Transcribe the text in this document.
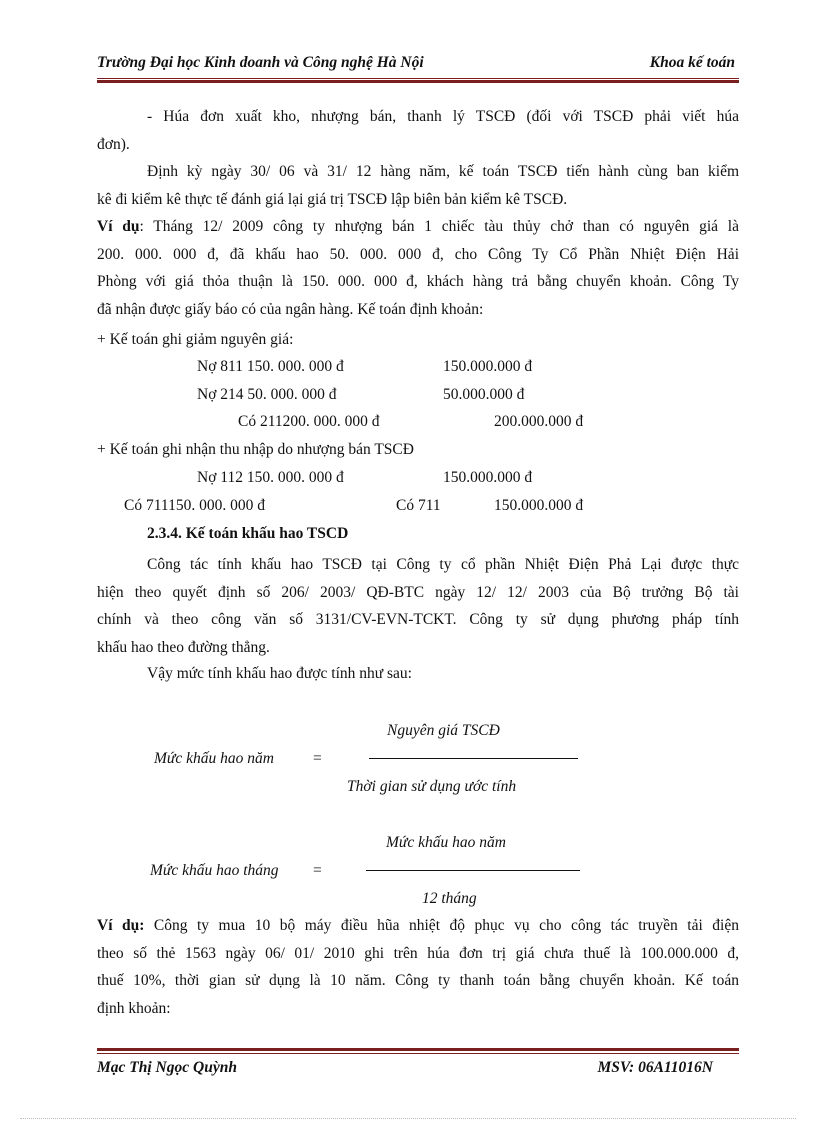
Trường Đại học Kinh doanh và Công nghệ Hà Nội	Khoa kế toán
- Húa đơn xuất kho, nhượng bán, thanh lý TSCĐ (đối với TSCĐ phải viết húa
đơn).
Định kỳ ngày 30/ 06 và 31/ 12 hàng năm, kế toán TSCĐ tiến hành cùng ban kiểm
kê đi kiểm kê thực tế đánh giá lại giá trị TSCĐ lập biên bản kiểm kê TSCĐ.
Ví dụ: Tháng 12/ 2009 công ty nhượng bán 1 chiếc tàu thủy chở than có nguyên giá là
200. 000. 000 đ, đã khấu hao 50. 000. 000 đ, cho Công Ty Cổ Phần Nhiệt Điện Hải
Phòng với giá thỏa thuận là 150. 000. 000 đ, khách hàng trả bằng chuyển khoản. Công Ty
đã nhận được giấy báo có của ngân hàng. Kế toán định khoản:
+ Kế toán ghi giảm nguyên giá:
Nợ 811 150. 000. 000 đ	150.000.000 đ
Nợ 214 50. 000. 000 đ	50.000.000 đ
Có 211200. 000. 000 đ	200.000.000 đ
+ Kế toán ghi nhận thu nhập do nhượng bán TSCĐ
Nợ 112 150. 000. 000 đ	150.000.000 đ
Có 711150. 000. 000 đ	Có 711	150.000.000 đ
2.3.4. Kế toán khấu hao TSCD
Công tác tính khấu hao TSCĐ tại Công ty cổ phần Nhiệt Điện Phả Lại được thực
hiện theo quyết định số 206/ 2003/ QĐ-BTC ngày 12/ 12/ 2003 của Bộ trưởng Bộ tài
chính và theo công văn số 3131/CV-EVN-TCKT. Công ty sử dụng phương pháp tính
khấu hao theo đường thẳng.
Vậy mức tính khấu hao được tính như sau:
Nguyên giá TSCĐ
Mức khấu hao năm	=
Thời gian sử dụng ước tính
Mức khấu hao năm
Mức khấu hao tháng =
12 tháng
Ví dụ: Công ty mua 10 bộ máy điều hũa nhiệt độ phục vụ cho công tác truyền tải điện
theo số thẻ 1563 ngày 06/ 01/ 2010 ghi trên húa đơn trị giá chưa thuế là 100.000.000 đ,
thuế 10%, thời gian sử dụng là 10 năm. Công ty thanh toán bằng chuyển khoản. Kế toán
định khoản:
Mạc Thị Ngọc Quỳnh	MSV: 06A11016N
